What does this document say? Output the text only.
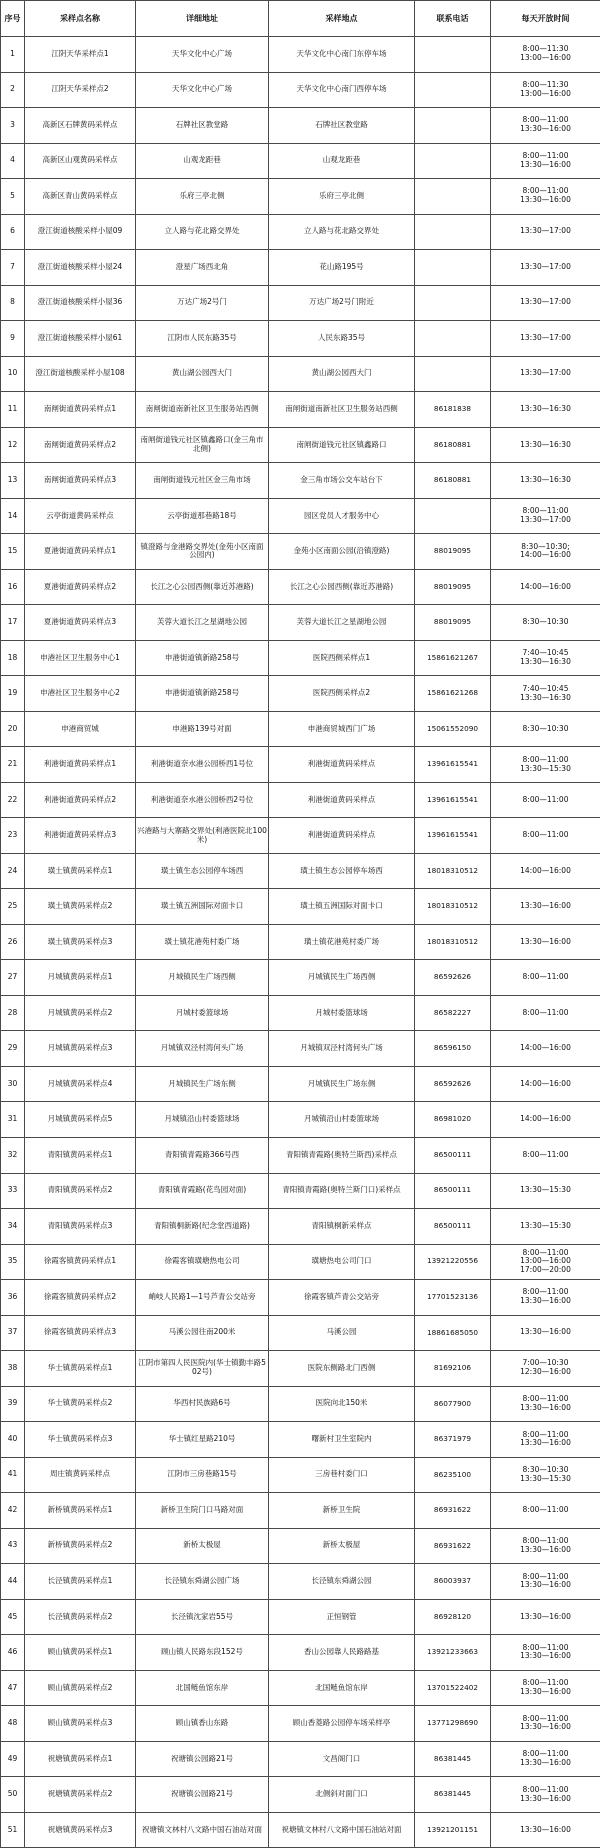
序号	采样点名称	详细地址	采样地点	联系电话	每天开放时间
1	江阴天华采样点1	天华文化中心广场	天华文化中心南门东停车场		8:00—11:30
13:00—16:00
2	江阴天华采样点2	天华文化中心广场	天华文化中心南门西停车场		8:00—11:30
13:00—16:00
3	高新区石牌黄码采样点	石牌社区教堂路	石牌社区教堂路		8:00—11:00
13:30—16:00
4	高新区山观黄码采样点	山观龙距巷	山观龙距巷		8:00—11:00
13:30—16:00
5	高新区青山黄码采样点	乐府三亭北侧	乐府三亭北侧		8:00—11:00
13:30—16:00
6	澄江街道核酸采样小屋09	立人路与花北路交界处	立人路与花北路交界处		13:30—17:00
7	澄江街道核酸采样小屋24	澄星广场西北角	花山路195号		13:30—17:00
8	澄江街道核酸采样小屋36	万达广场2号门	万达广场2号门附近		13:30—17:00
9	澄江街道核酸采样小屋61	江阴市人民东路35号	人民东路35号		13:30—17:00
10	澄江街道核酸采样小屋108	黄山湖公园西大门	黄山湖公园西大门		13:30—17:00
11	南闸街道黄码采样点1	南闸街道南新社区卫生服务站西侧	南闸街道南新社区卫生服务站西侧	86181838	13:30—16:30
12	南闸街道黄码采样点2	南闸街道钱元社区镇鑫路口(金三角市北侧)	南闸街道钱元社区镇鑫路口	86180881	13:30—16:30
13	南闸街道黄码采样点3	南闸街道钱元社区金三角市场	金三角市场公交车站台下	86180881	13:30—16:30
14	云亭街道黄码采样点	云亭街道那巷路18号	园区党员人才服务中心		8:00—11:00
13:30—17:00
15	夏港街道黄码采样点1	镇澄路与金港路交界处(金苑小区南面公园内)	金苑小区南面公园(沿镇澄路)	88019095	8:30—10:30;
14:00—16:00
16	夏港街道黄码采样点2	长江之心公园西侧(靠近苏港路)	长江之心公园西侧(靠近苏港路)	88019095	14:00—16:00
17	夏港街道黄码采样点3	芙蓉大道长江之星湖地公园	芙蓉大道长江之星湖地公园	88019095	8:30—10:30
18	申港社区卫生服务中心1	申港街道镇新路258号	医院西侧采样点1	15861621267	7:40—10:45
13:30—16:30
19	申港社区卫生服务中心2	申港街道镇新路258号	医院西侧采样点2	15861621268	7:40—10:45
13:30—16:30
20	申港商贸城	申港路139号对面	申港商贸城西门广场	15061552090	8:30—10:30
21	利港街道黄码采样点1	利港街道奈水港公园桥西1号位	利港街道黄码采样点	13961615541	8:00—11:00
13:30—15:30
22	利港街道黄码采样点2	利港街道奈水港公园桥西2号位	利港街道黄码采样点	13961615541	8:00—11:00
23	利港街道黄码采样点3	兴港路与大寨路交界处(利港医院北100米)	利港街道黄码采样点	13961615541	8:00—11:00
24	璜土镇黄码采样点1	璜土镇生态公园停车场西	璜土镇生态公园停车场西	18018310512	14:00—16:00
25	璜土镇黄码采样点2	璜土镇五洲国际对面卡口	璜土镇五洲国际对面卡口	18018310512	13:30—16:00
26	璜土镇黄码采样点3	璜土镇花港苑村委广场	璜土镇花港苑村委广场	18018310512	13:30—16:00
27	月城镇黄码采样点1	月城镇民生广场西侧	月城镇民生广场西侧	86592626	8:00—11:00
28	月城镇黄码采样点2	月城村委篮球场	月城村委篮球场	86582227	8:00—11:00
29	月城镇黄码采样点3	月城镇双泾村湾何头广场	月城镇双泾村湾何头广场	86596150	14:00—16:00
30	月城镇黄码采样点4	月城镇民生广场东侧	月城镇民生广场东侧	86592626	14:00—16:00
31	月城镇黄码采样点5	月城镇沿山村委篮球场	月城镇沿山村委篮球场	86981020	14:00—16:00
32	青阳镇黄码采样点1	青阳镇青霞路366号西	青阳镇青霞路(奥特兰斯西)采样点	86500111	8:00—11:00
33	青阳镇黄码采样点2	青阳镇青霞路(花鸟园对面)	青阳镇青霞路(奥特兰斯门口)采样点	86500111	13:30—15:30
34	青阳镇黄码采样点3	青阳镇桐新路(纪念堂西道路)	青阳镇桐新采样点	86500111	13:30—15:30
35	徐霞客镇黄码采样点1	徐霞客镇璜塘热电公司	璜塘热电公司门口	13921220556	8:00—11:00
13:00—16:00
17:00—20:00
36	徐霞客镇黄码采样点2	峭岐人民路1—1号芦青公交站旁	徐霞客镇芦青公交站旁	17701523136	8:00—11:00
13:30—16:00
37	徐霞客镇黄码采样点3	马溪公园往南200米	马溪公园	18861685050	13:30—16:00
38	华士镇黄码采样点1	江阴市第四人民医院内(华士镇勤丰路502号)	医院东侧路北门西侧	81692106	7:00—10:30
12:30—16:00
39	华士镇黄码采样点2	华西村民族路6号	医院向北150米	86077900	8:00—11:00
13:30—16:00
40	华士镇黄码采样点3	华士镇红星路210号	曙新村卫生室院内	86371979	8:00—11:00
13:30—16:00
41	周庄镇黄码采样点	江阴市三房巷路15号	三房巷村委门口	86235100	8:30—10:30
13:30—15:30
42	新桥镇黄码采样点1	新桥卫生院门口马路对面	新桥卫生院	86931622	8:00—11:00
43	新桥镇黄码采样点2	新桥太极屋	新桥太极屋	86931622	8:00—11:00
13:30—16:00
44	长泾镇黄码采样点1	长泾镇东舜湖公园广场	长泾镇东舜湖公园	86003937	8:00—11:00
13:30—16:00
45	长泾镇黄码采样点2	长泾镇沈家岩55号	正恒钢管	86928120	13:30—16:00
46	顾山镇黄码采样点1	顾山镇人民路东段152号	香山公园靠人民路路基	13921233663	8:00—11:00
13:30—16:00
47	顾山镇黄码采样点2	北国鲢鱼馆东岸	北国鲢鱼馆东岸	13701522402	8:00—11:00
13:30—16:00
48	顾山镇黄码采样点3	顾山镇香山东路	顾山香菱路公园停车场采样亭	13771298690	8:00—11:00
13:30—16:00
49	祝塘镇黄码采样点1	祝塘镇公园路21号	文昌阁门口	86381445	8:00—11:00
13:30—16:00
50	祝塘镇黄码采样点2	祝塘镇公园路21号	北侧斜对面门口	86381445	8:00—11:00
13:30—16:00
51	祝塘镇黄码采样点3	祝塘镇文林村八文路中国石油站对面	祝塘镇文林村八文路中国石油站对面	13921201151	13:30—16:00
